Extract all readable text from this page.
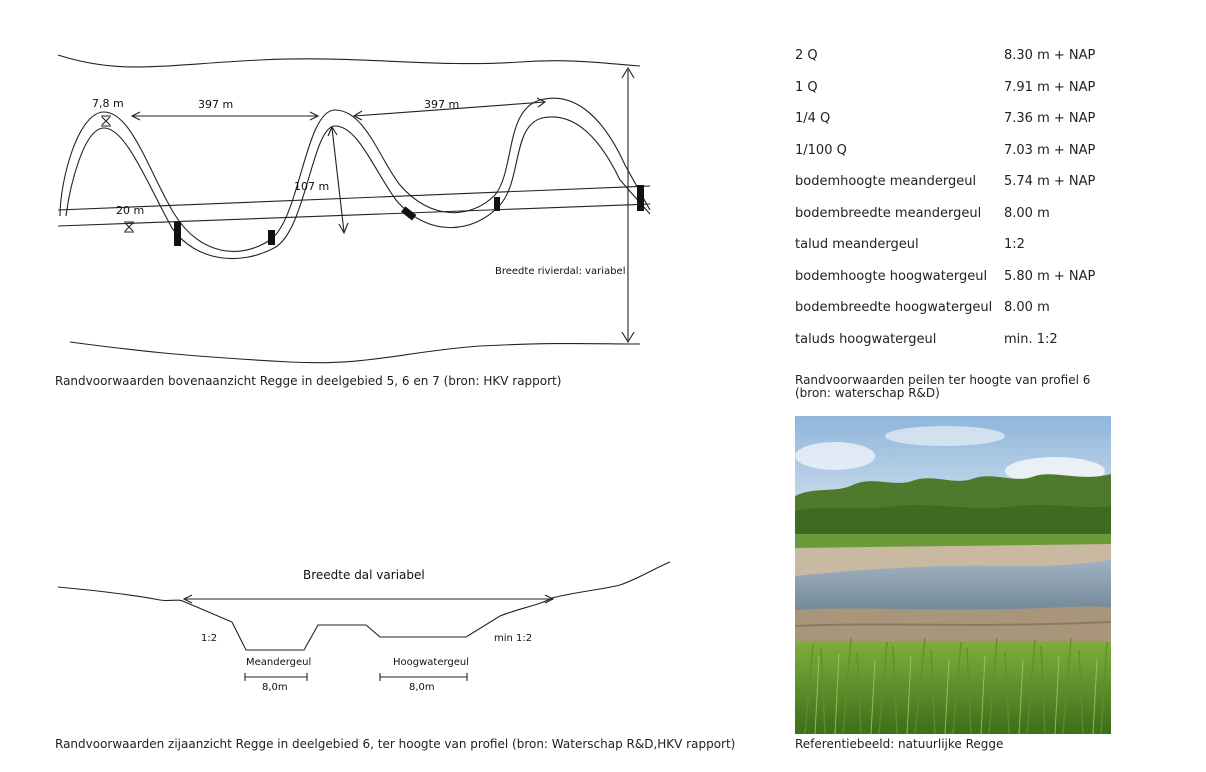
7,8 m	397 m	397 m
107 m
20 m
Breedte rivierdal: variabel
Randvoorwaarden bovenaanzicht Regge in deelgebied 5, 6 en 7 (bron: HKV rapport)
2 Q	8.30 m + NAP
1 Q	7.91 m + NAP
1/4 Q	7.36 m + NAP
1/100 Q	7.03 m + NAP
bodemhoogte meandergeul 5.74 m + NAP
bodembreedte meandergeul 8.00 m
talud meandergeul	1:2
bodemhoogte hoogwatergeul 5.80 m + NAP
bodembreedte hoogwatergeul 8.00 m
taluds hoogwatergeul	min. 1:2
Randvoorwaarden peilen ter hoogte van profiel 6 (bron: waterschap R&D)
Breedte dal variabel
1:2	min 1:2
Meandergeul
8,0m
Hoogwatergeul
8,0m
Randvoorwaarden zijaanzicht Regge in deelgebied 6, ter hoogte van profiel (bron: Waterschap R&D,HKV rapport)	Referentiebeeld: natuurlijke Regge
